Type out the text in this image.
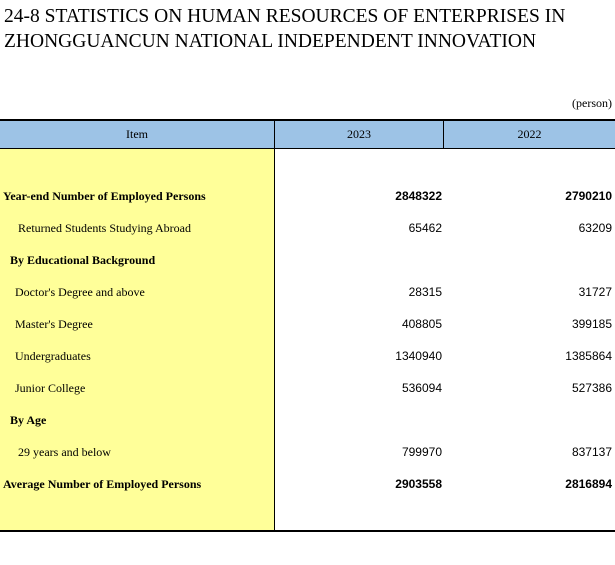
24-8 STATISTICS ON HUMAN RESOURCES OF ENTERPRISES IN
ZHONGGUANCUN NATIONAL INDEPENDENT INNOVATION
(person)
Item	2023	2022
Year-end Number of Employed Persons	2848322	2790210
Returned Students Studying Abroad	65462	63209
By Educational Background
Doctor's Degree and above	28315	31727
Master's Degree	408805	399185
Undergraduates	1340940	1385864
Junior College	536094	527386
By Age
29 years and below	799970	837137
Average Number of Employed Persons	2903558	2816894
